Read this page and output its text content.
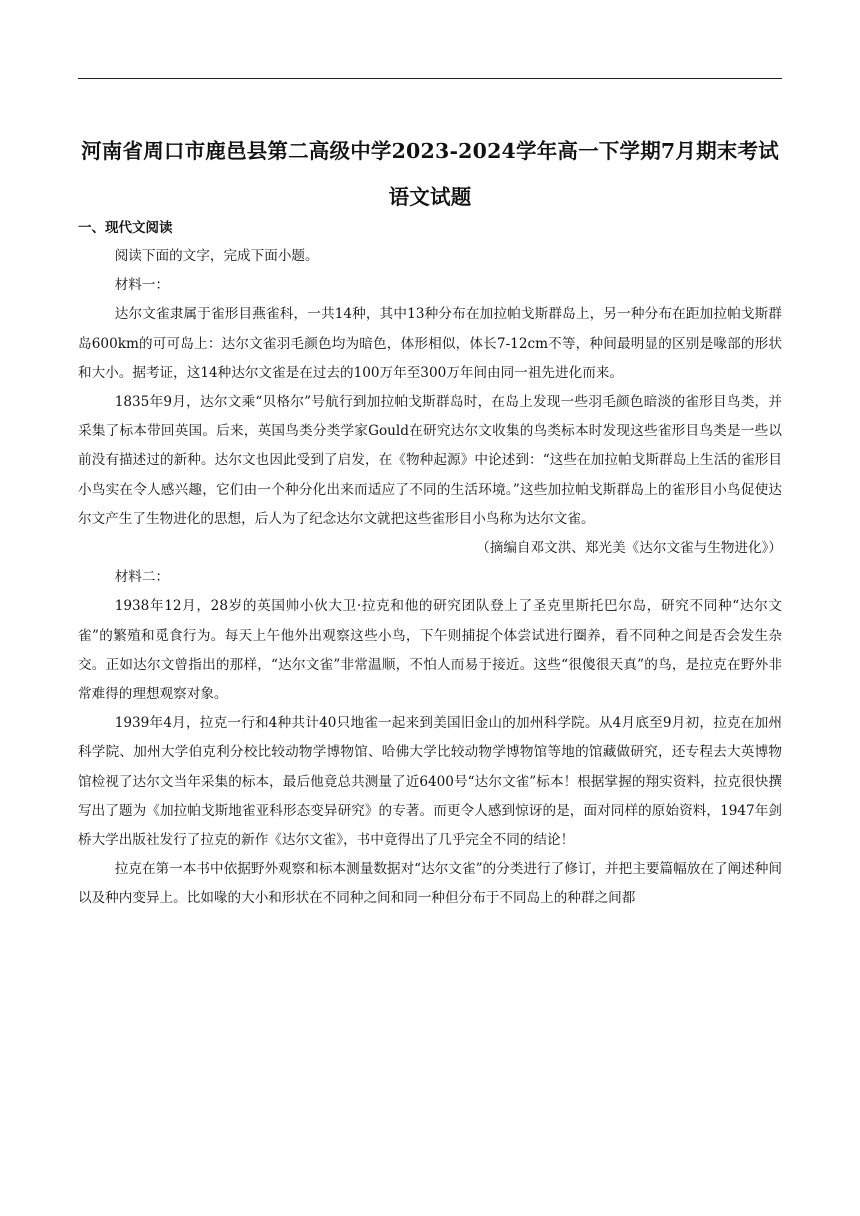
河南省周口市鹿邑县第二高级中学2023-2024学年高一下学期7月期末考试语文试题
一、现代文阅读

阅读下面的文字，完成下面小题。

材料一：

达尔文雀隶属于雀形目燕雀科，一共14种，其中13种分布在加拉帕戈斯群岛上，另一种分布在距加拉帕戈斯群岛600km的可可岛上：达尔文雀羽毛颜色均为暗色，体形相似，体长7-12cm不等，种间最明显的区别是喙部的形状和大小。据考证，这14种达尔文雀是在过去的100万年至300万年间由同一祖先进化而来。

1835年9月，达尔文乘“贝格尔”号航行到加拉帕戈斯群岛时，在岛上发现一些羽毛颜色暗淡的雀形目鸟类，并采集了标本带回英国。后来，英国鸟类分类学家Gould在研究达尔文收集的鸟类标本时发现这些雀形目鸟类是一些以前没有描述过的新种。达尔文也因此受到了启发，在《物种起源》中论述到：“这些在加拉帕戈斯群岛上生活的雀形目小鸟实在令人感兴趣，它们由一个种分化出来而适应了不同的生活环境。”这些加拉帕戈斯群岛上的雀形目小鸟促使达尔文产生了生物进化的思想，后人为了纪念达尔文就把这些雀形目小鸟称为达尔文雀。

（摘编自邓文洪、郑光美《达尔文雀与生物进化》）

材料二：

1938年12月，28岁的英国帅小伙大卫·拉克和他的研究团队登上了圣克里斯托巴尔岛，研究不同种“达尔文雀”的繁殖和觅食行为。每天上午他外出观察这些小鸟，下午则捕捉个体尝试进行圈养，看不同种之间是否会发生杂交。正如达尔文曾指出的那样，“达尔文雀”非常温顺，不怕人而易于接近。这些“很傻很天真”的鸟，是拉克在野外非常难得的理想观察对象。

1939年4月，拉克一行和4种共计40只地雀一起来到美国旧金山的加州科学院。从4月底至9月初，拉克在加州科学院、加州大学伯克利分校比较动物学博物馆、哈佛大学比较动物学博物馆等地的馆藏做研究，还专程去大英博物馆检视了达尔文当年采集的标本，最后他竟总共测量了近6400号“达尔文雀”标本！根据掌握的翔实资料，拉克很快撰写出了题为《加拉帕戈斯地雀亚科形态变异研究》的专著。而更令人感到惊讶的是，面对同样的原始资料，1947年剑桥大学出版社发行了拉克的新作《达尔文雀》，书中竟得出了几乎完全不同的结论！

拉克在第一本书中依据野外观察和标本测量数据对“达尔文雀”的分类进行了修订，并把主要篇幅放在了阐述种间以及种内变异上。比如喙的大小和形状在不同种之间和同一种但分布于不同岛上的种群之间都
